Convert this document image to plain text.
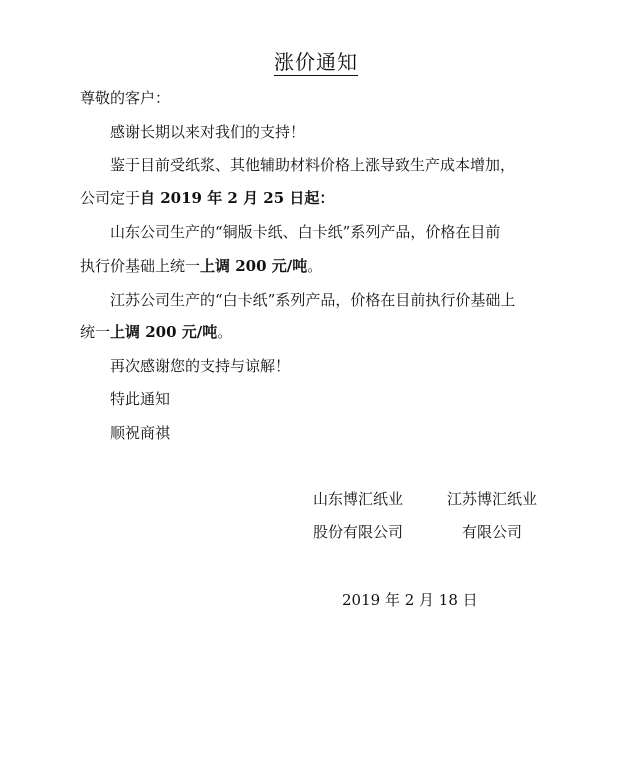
涨价通知
尊敬的客户：
感谢长期以来对我们的支持！
鉴于目前受纸浆、其他辅助材料价格上涨导致生产成本增加，
公司定于自 2019 年 2 月 25 日起：
山东公司生产的“铜版卡纸、白卡纸”系列产品，价格在目前
执行价基础上统一上调 200 元/吨。
江苏公司生产的“白卡纸”系列产品，价格在目前执行价基础上
统一上调 200 元/吨。
再次感谢您的支持与谅解！
特此通知
顺祝商祺
山东博汇纸业	江苏博汇纸业
股份有限公司	有限公司
2019 年 2 月 18 日
